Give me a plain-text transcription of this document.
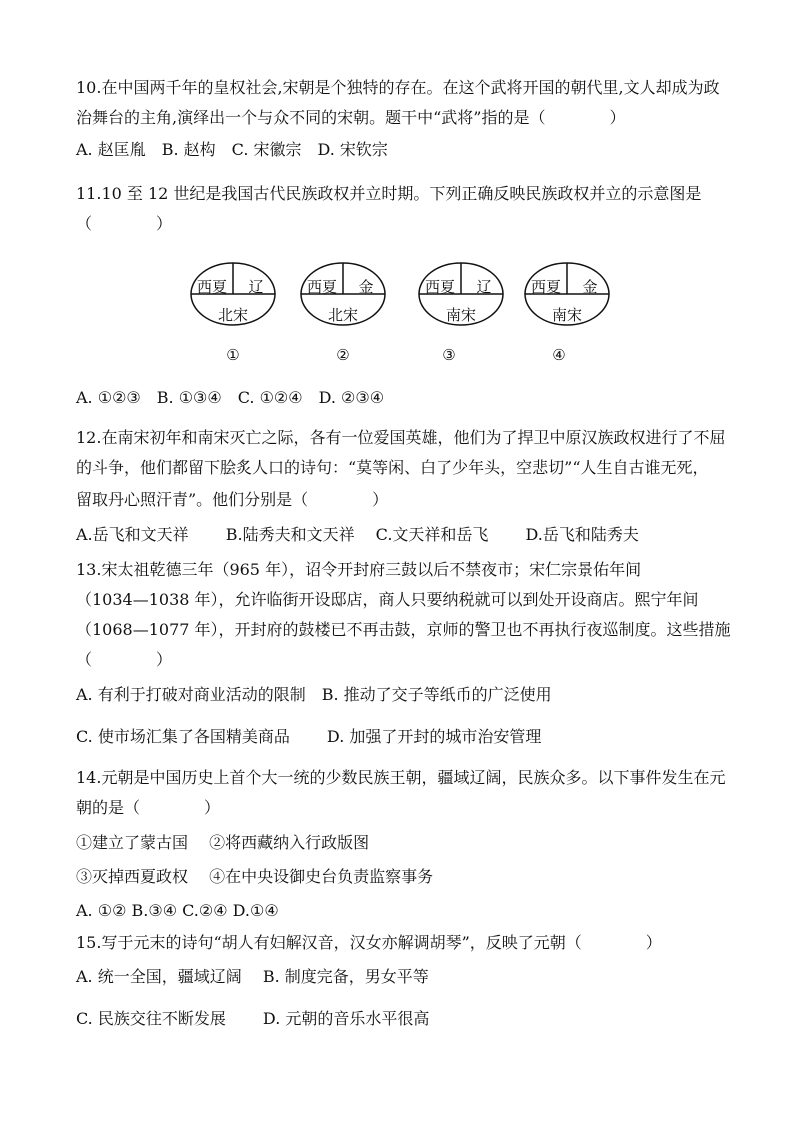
10.在中国两千年的皇权社会,宋朝是个独特的存在。在这个武将开国的朝代里,文人却成为政
治舞台的主角,演绎出一个与众不同的宋朝。题干中“武将”指的是（　　　　）
A. 赵匡胤　B. 赵构　C. 宋徽宗　D. 宋钦宗
11.10 至 12 世纪是我国古代民族政权并立时期。下列正确反映民族政权并立的示意图是
（　　　　）
西夏	辽
北宋
①
西夏	金
北宋
②
西夏	辽
南宋
③
西夏	金
南宋
④
A. ①②③　B. ①③④　C. ①②④　D. ②③④
12.在南宋初年和南宋灭亡之际，各有一位爱国英雄，他们为了捍卫中原汉族政权进行了不屈
的斗争，他们都留下脍炙人口的诗句：“莫等闲、白了少年头，空悲切”“人生自古谁无死，
留取丹心照汗青”。他们分别是（　　　　）
A.岳飞和文天祥　　 B.陆秀夫和文天祥　 C.文天祥和岳飞　　 D.岳飞和陆秀夫
13.宋太祖乾德三年（965 年），诏令开封府三鼓以后不禁夜市；宋仁宗景佑年间
（1034—1038 年），允许临街开设邸店，商人只要纳税就可以到处开设商店。熙宁年间
（1068—1077 年），开封府的鼓楼已不再击鼓，京师的警卫也不再执行夜巡制度。这些措施
（　　　　）
A. 有利于打破对商业活动的限制　B. 推动了交子等纸币的广泛使用
C. 使市场汇集了各国精美商品　　 D. 加强了开封的城市治安管理
14.元朝是中国历史上首个大一统的少数民族王朝，疆域辽阔，民族众多。以下事件发生在元
朝的是（　　　　）
①建立了蒙古国　 ②将西藏纳入行政版图
③灭掉西夏政权　 ④在中央设御史台负责监察事务
A. ①② B.③④ C.②④ D.①④
15.写于元末的诗句“胡人有妇解汉音，汉女亦解调胡琴”，反映了元朝（　　　　）
A. 统一全国，疆域辽阔　 B. 制度完备，男女平等
C. 民族交往不断发展　　 D. 元朝的音乐水平很高
